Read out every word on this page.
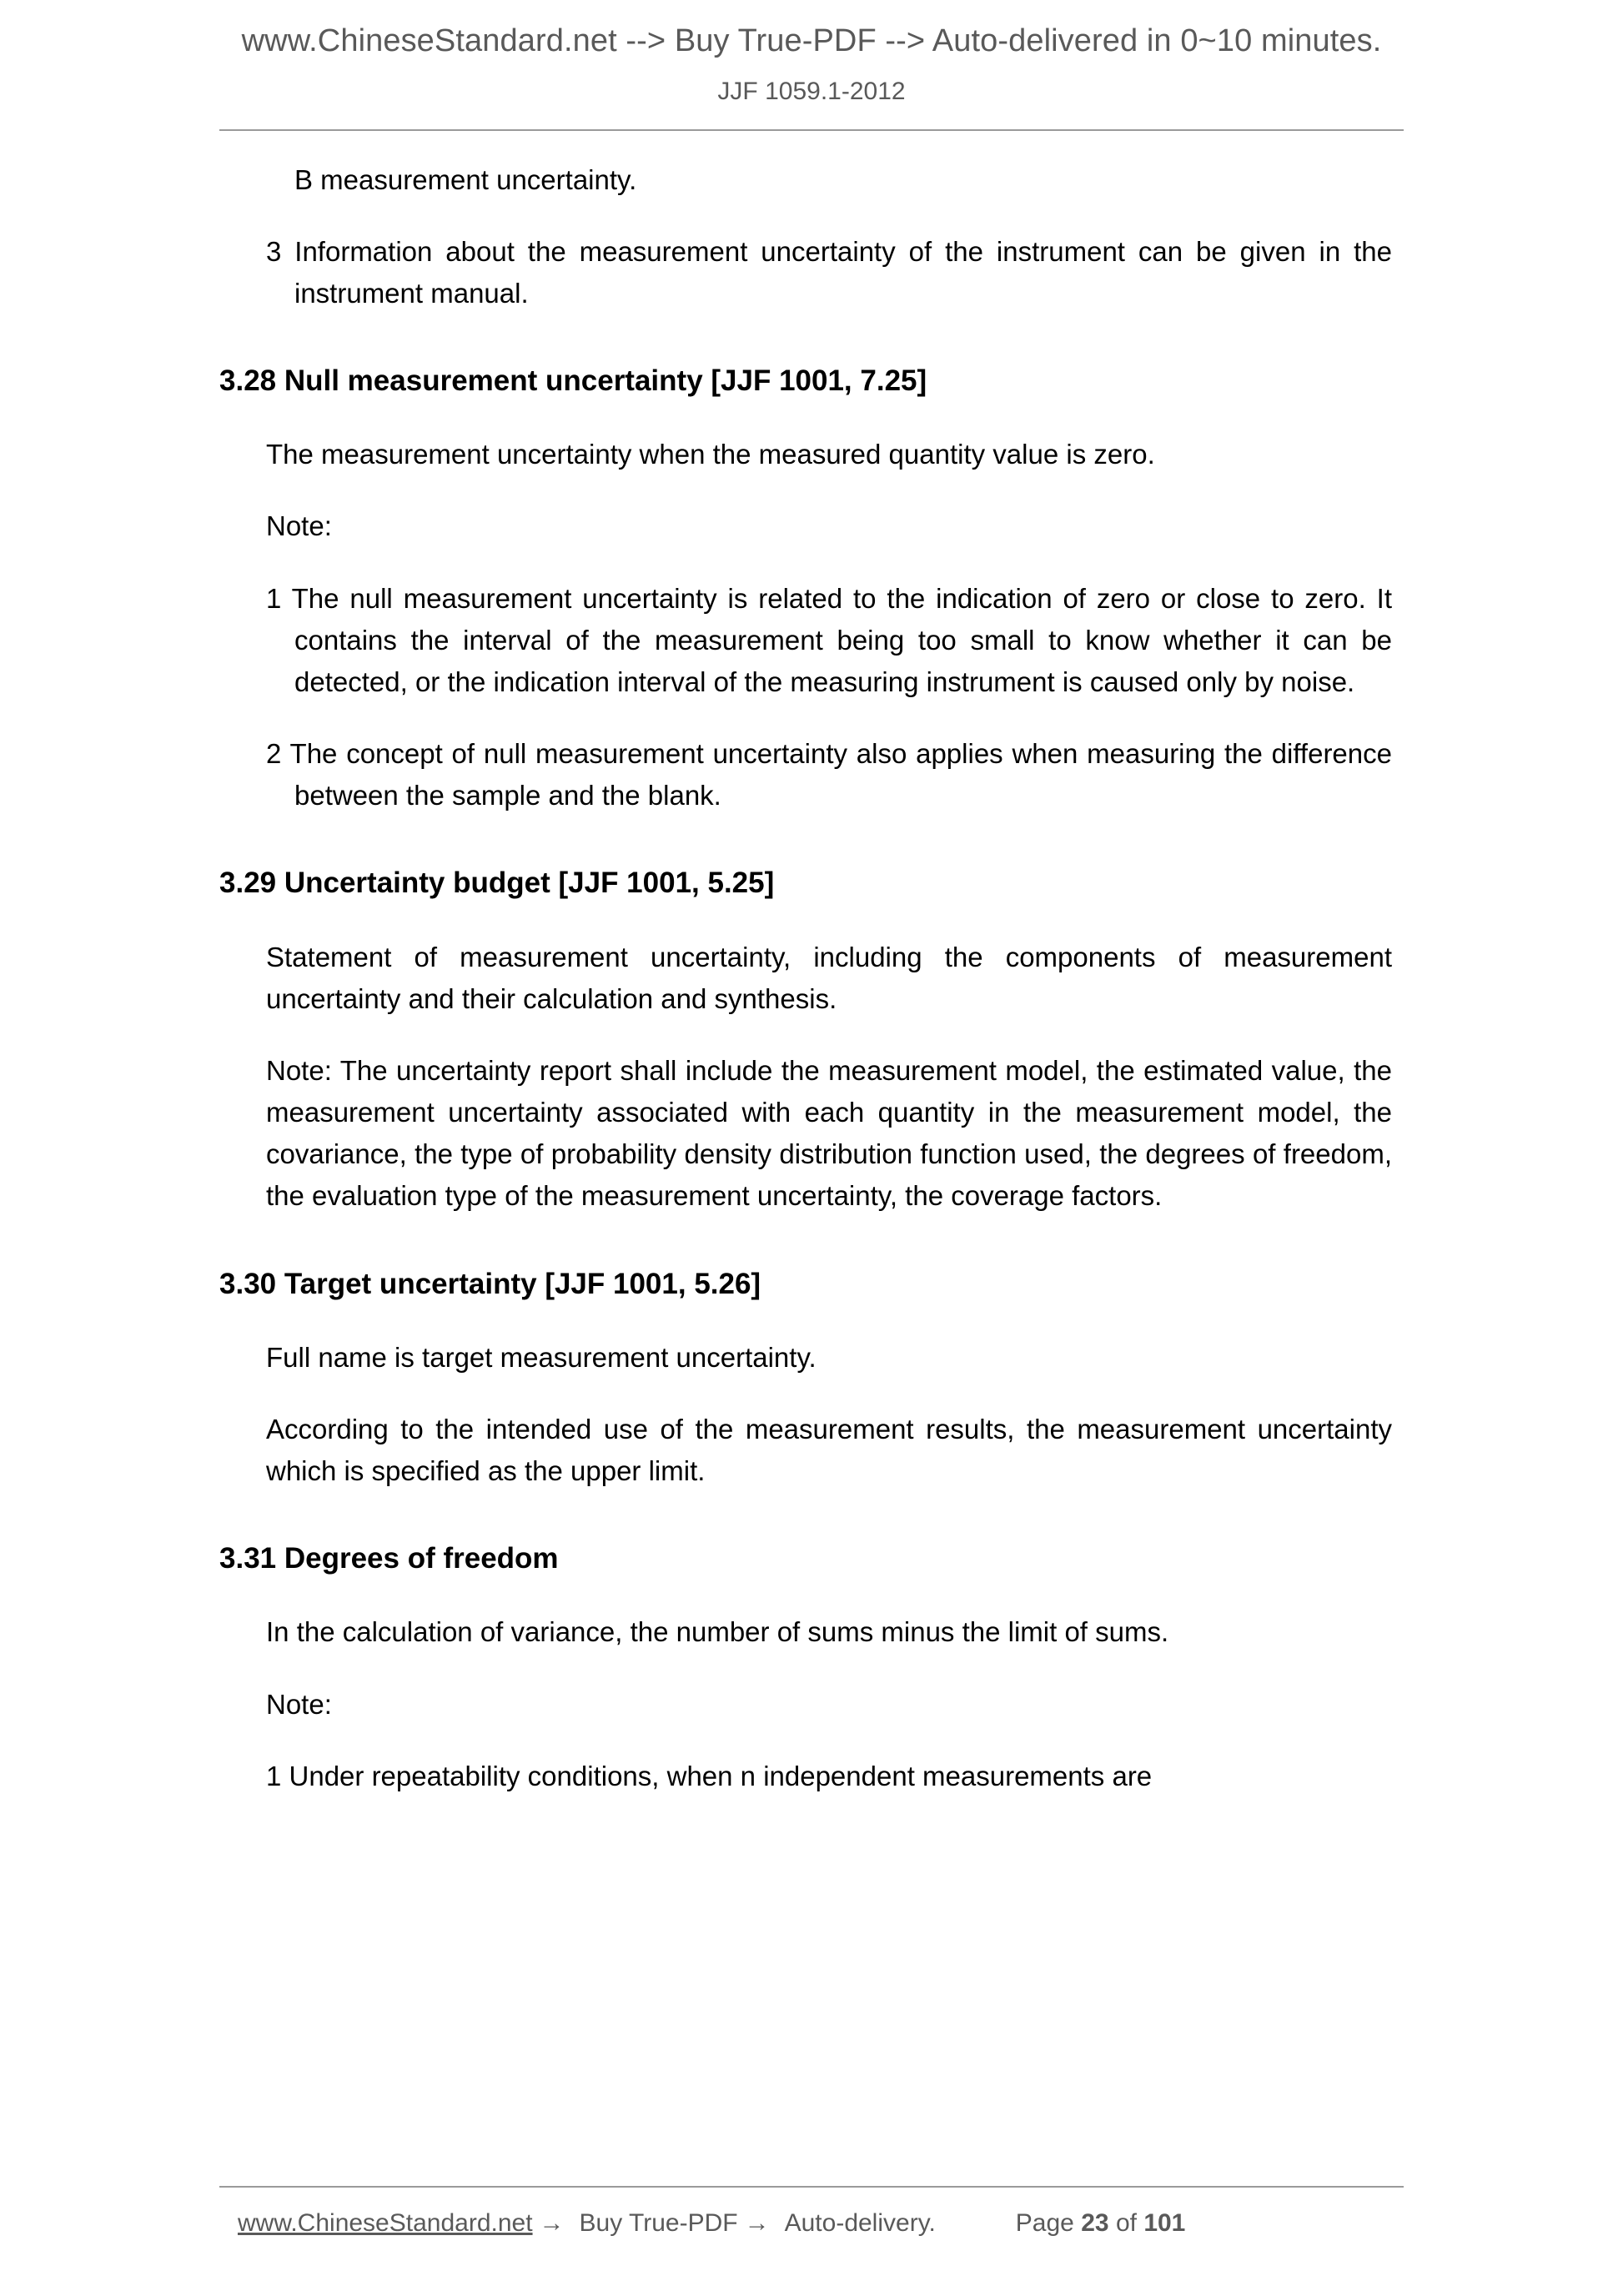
www.ChineseStandard.net --> Buy True-PDF --> Auto-delivered in 0~10 minutes.
JJF 1059.1-2012
B measurement uncertainty.
3 Information about the measurement uncertainty of the instrument can be given in the instrument manual.
3.28 Null measurement uncertainty [JJF 1001, 7.25]
The measurement uncertainty when the measured quantity value is zero.
Note:
1 The null measurement uncertainty is related to the indication of zero or close to zero. It contains the interval of the measurement being too small to know whether it can be detected, or the indication interval of the measuring instrument is caused only by noise.
2 The concept of null measurement uncertainty also applies when measuring the difference between the sample and the blank.
3.29 Uncertainty budget [JJF 1001, 5.25]
Statement of measurement uncertainty, including the components of measurement uncertainty and their calculation and synthesis.
Note: The uncertainty report shall include the measurement model, the estimated value, the measurement uncertainty associated with each quantity in the measurement model, the covariance, the type of probability density distribution function used, the degrees of freedom, the evaluation type of the measurement uncertainty, the coverage factors.
3.30 Target uncertainty [JJF 1001, 5.26]
Full name is target measurement uncertainty.
According to the intended use of the measurement results, the measurement uncertainty which is specified as the upper limit.
3.31 Degrees of freedom
In the calculation of variance, the number of sums minus the limit of sums.
Note:
1 Under repeatability conditions, when n independent measurements are
www.ChineseStandard.net → Buy True-PDF → Auto-delivery.	Page 23 of 101
